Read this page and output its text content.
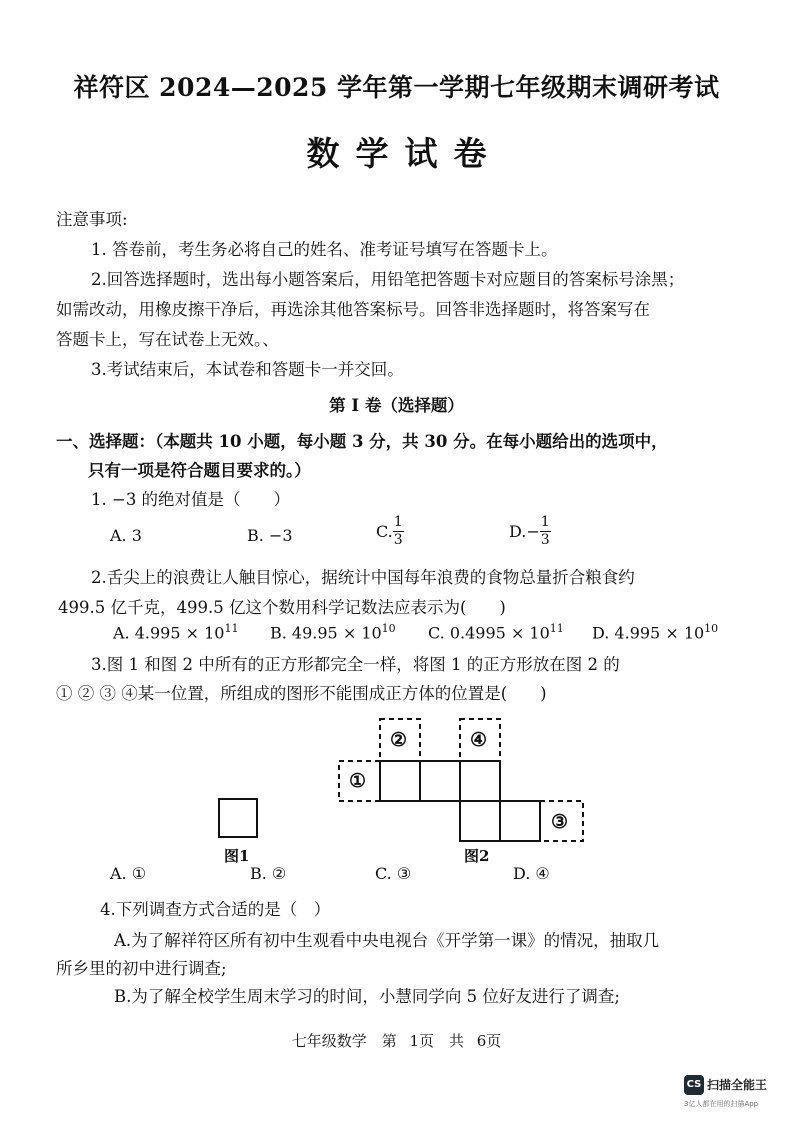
祥符区 2024—2025 学年第一学期七年级期末调研考试
数学试卷
注意事项:
1. 答卷前，考生务必将自己的姓名、准考证号填写在答题卡上。
2.回答选择题时，选出每小题答案后，用铅笔把答题卡对应题目的答案标号涂黑；
如需改动，用橡皮擦干净后，再选涂其他答案标号。回答非选择题时，将答案写在
答题卡上，写在试卷上无效。、
3.考试结束后，本试卷和答题卡一并交回。
第 I 卷（选择题）
一、选择题：（本题共 10 小题，每小题 3 分，共 30 分。在每小题给出的选项中，
只有一项是符合题目要求的。）
1. −3 的绝对值是（　　）
A. 3	B. −3	C. $\frac{1}{3}$	$D.- \frac{1}{3}$
2.舌尖上的浪费让人触目惊心，据统计中国每年浪费的食物总量折合粮食约
499.5 亿千克，499.5 亿这个数用科学记数法应表示为(　　)
A. $4.995 \times 10^{11}$ B. $49.95 \times 10^{10}$ C. $0.4995 \times 10^{11}$ D. $4.995 \times 10^{10}$
3.图 1 和图 2 中所有的正方形都完全一样，将图 1 的正方形放在图 2 的
① ② ③ ④某一位置，所组成的图形不能围成正方体的位置是(　　)
①
②	④
③
图1	图2
A. ①	B. ②	C. ③	D. ④
4.下列调查方式合适的是（　）
A.为了解祥符区所有初中生观看中央电视台《开学第一课》的情况，抽取几
所乡里的初中进行调查;
B.为了解全校学生周末学习的时间，小慧同学向 5 位好友进行了调查;
七年级数学　第 1页　共 6页
CS 扫描全能王
3亿人都在用的扫描App
